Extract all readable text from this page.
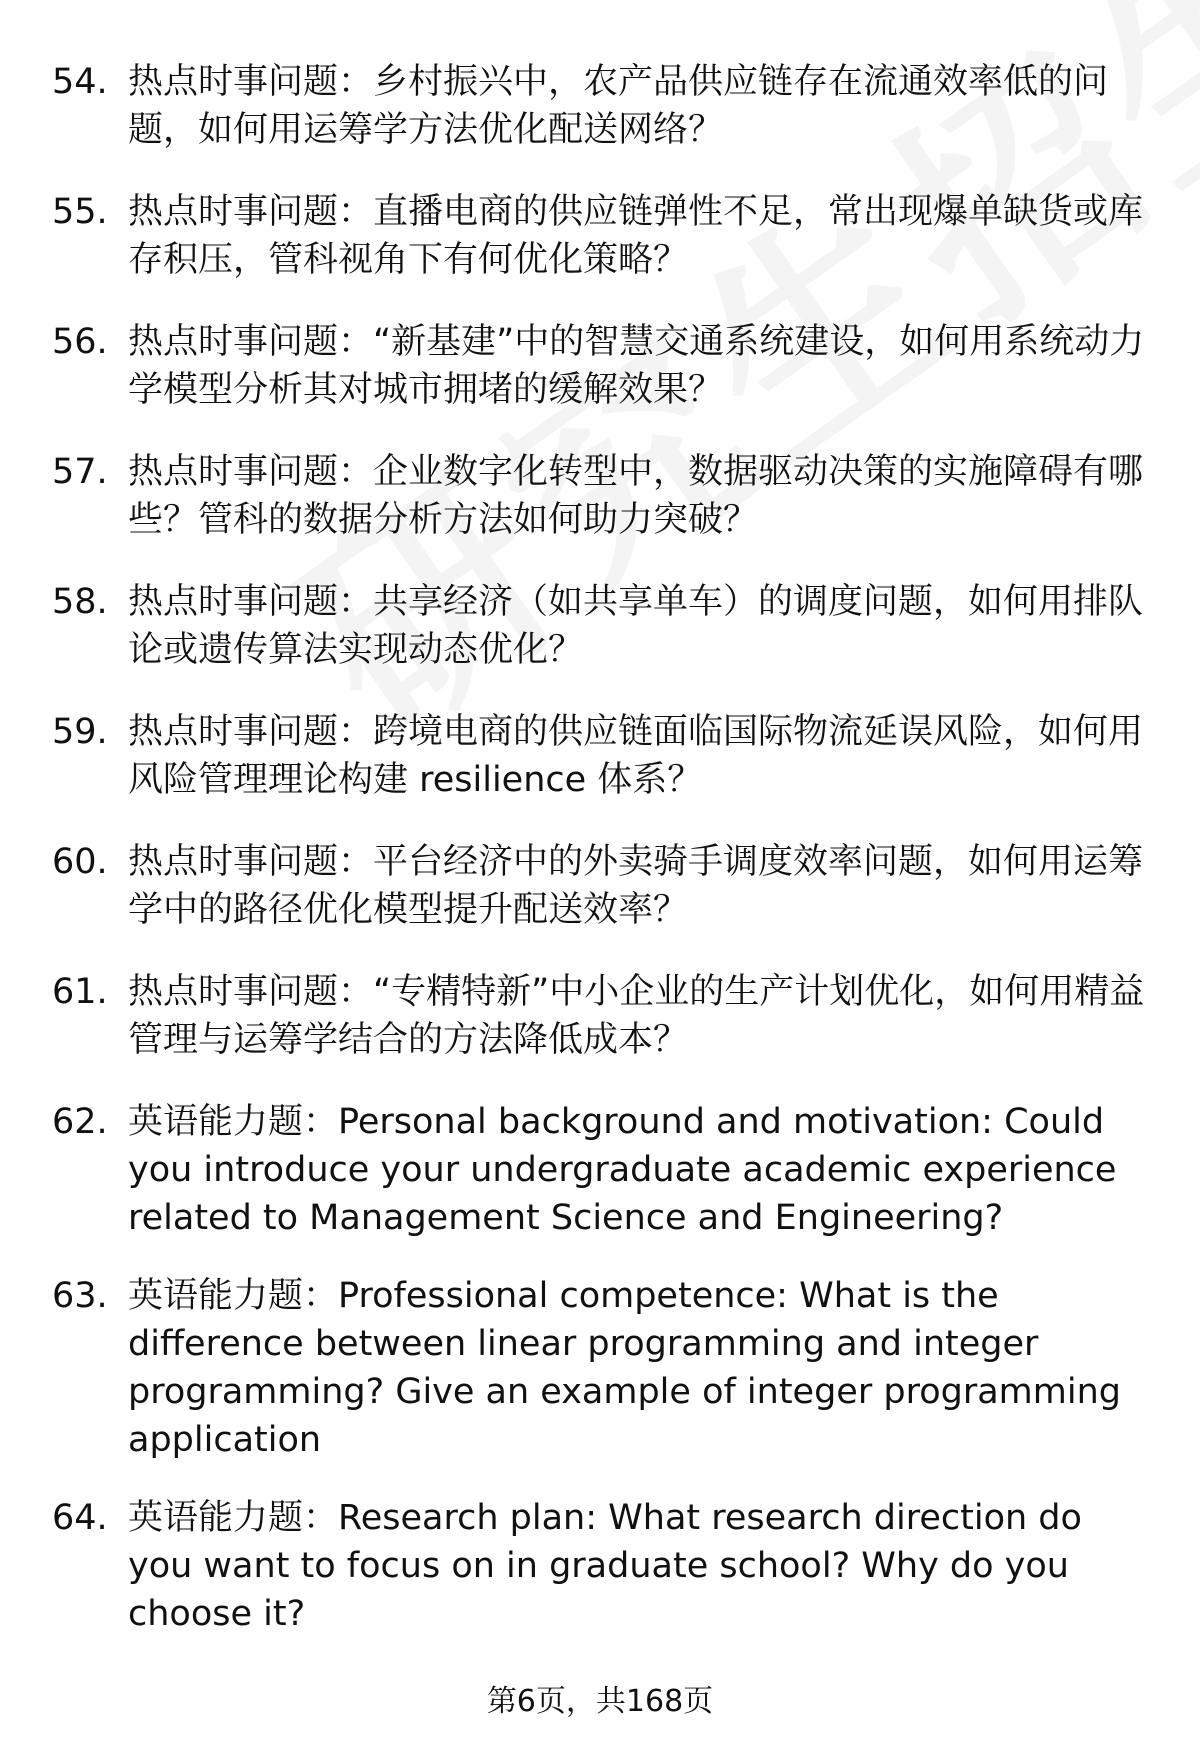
54. 热点时事问题：乡村振兴中，农产品供应链存在流通效率低的问题，如何用运筹学方法优化配送网络？
55. 热点时事问题：直播电商的供应链弹性不足，常出现爆单缺货或库存积压，管科视角下有何优化策略？
56. 热点时事问题：“新基建”中的智慧交通系统建设，如何用系统动力学模型分析其对城市拥堵的缓解效果？
57. 热点时事问题：企业数字化转型中，数据驱动决策的实施障碍有哪些？管科的数据分析方法如何助力突破？
58. 热点时事问题：共享经济（如共享单车）的调度问题，如何用排队论或遗传算法实现动态优化？
59. 热点时事问题：跨境电商的供应链面临国际物流延误风险，如何用风险管理理论构建 resilience 体系？
60. 热点时事问题：平台经济中的外卖骑手调度效率问题，如何用运筹学中的路径优化模型提升配送效率？
61. 热点时事问题：“专精特新”中小企业的生产计划优化，如何用精益管理与运筹学结合的方法降低成本？
62. 英语能力题：Personal background and motivation: Could you introduce your undergraduate academic experience related to Management Science and Engineering?
63. 英语能力题：Professional competence: What is the difference between linear programming and integer programming? Give an example of integer programming application
64. 英语能力题：Research plan: What research direction do you want to focus on in graduate school? Why do you choose it?
第6页，共168页
